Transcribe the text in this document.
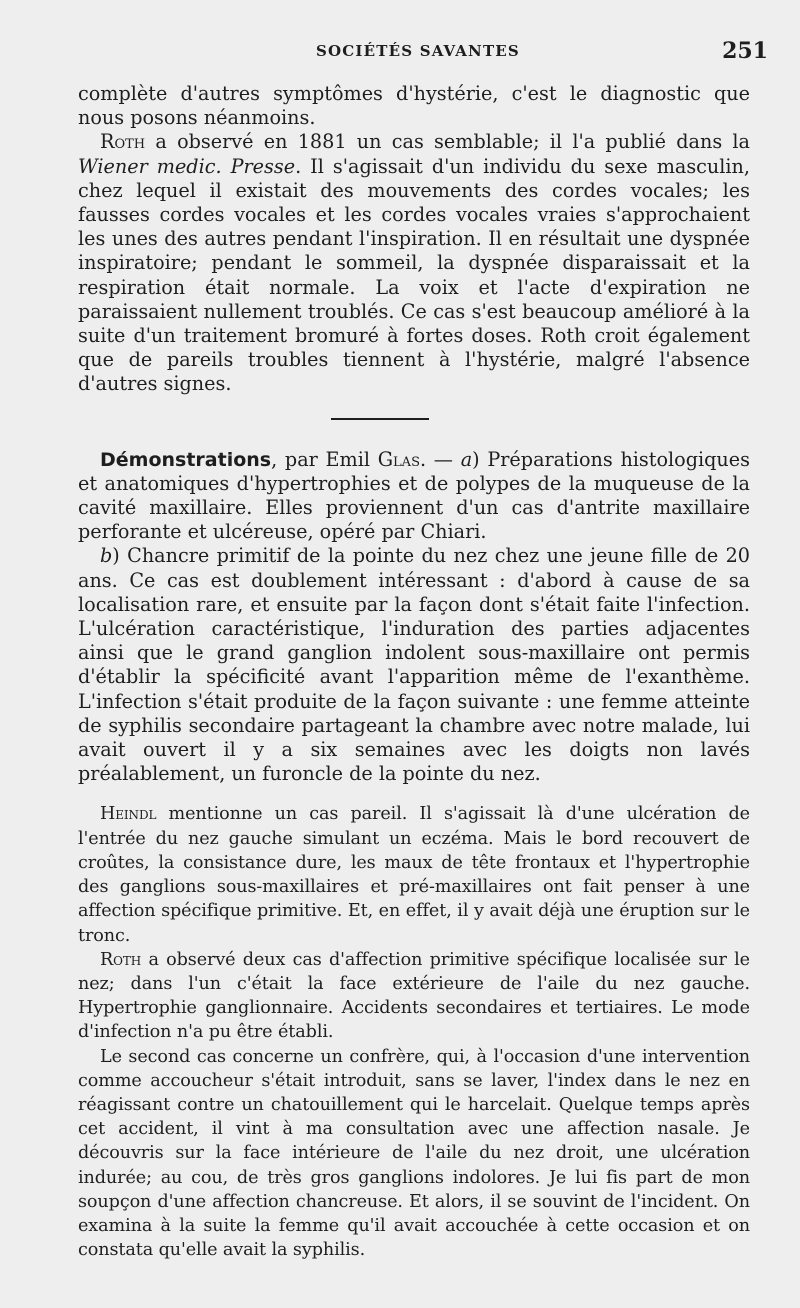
SOCIÉTÉS SAVANTES	251

complète d'autres symptômes d'hystérie, c'est le diagnostic que nous posons néanmoins.

Roth a observé en 1881 un cas semblable; il l'a publié dans la Wiener medic. Presse. Il s'agissait d'un individu du sexe masculin, chez lequel il existait des mouvements des cordes vocales; les fausses cordes vocales et les cordes vocales vraies s'approchaient les unes des autres pendant l'inspiration. Il en résultait une dyspnée inspiratoire; pendant le sommeil, la dyspnée disparaissait et la respiration était normale. La voix et l'acte d'expiration ne paraissaient nullement troublés. Ce cas s'est beaucoup amélioré à la suite d'un traitement bromuré à fortes doses. Roth croit également que de pareils troubles tiennent à l'hystérie, malgré l'absence d'autres signes.

Démonstrations, par Emil Glas. — a) Préparations histologiques et anatomiques d'hypertrophies et de polypes de la muqueuse de la cavité maxillaire. Elles proviennent d'un cas d'antrite maxillaire perforante et ulcéreuse, opéré par Chiari.

b) Chancre primitif de la pointe du nez chez une jeune fille de 20 ans. Ce cas est doublement intéressant : d'abord à cause de sa localisation rare, et ensuite par la façon dont s'était faite l'infection. L'ulcération caractéristique, l'induration des parties adjacentes ainsi que le grand ganglion indolent sous-maxillaire ont permis d'établir la spécificité avant l'apparition même de l'exanthème. L'infection s'était produite de la façon suivante : une femme atteinte de syphilis secondaire partageant la chambre avec notre malade, lui avait ouvert il y a six semaines avec les doigts non lavés préalablement, un furoncle de la pointe du nez.

Heindl mentionne un cas pareil. Il s'agissait là d'une ulcération de l'entrée du nez gauche simulant un eczéma. Mais le bord recouvert de croûtes, la consistance dure, les maux de tête frontaux et l'hypertrophie des ganglions sous-maxillaires et pré-maxillaires ont fait penser à une affection spécifique primitive. Et, en effet, il y avait déjà une éruption sur le tronc.

Roth a observé deux cas d'affection primitive spécifique localisée sur le nez; dans l'un c'était la face extérieure de l'aile du nez gauche. Hypertrophie ganglionnaire. Accidents secondaires et tertiaires. Le mode d'infection n'a pu être établi.

Le second cas concerne un confrère, qui, à l'occasion d'une intervention comme accoucheur s'était introduit, sans se laver, l'index dans le nez en réagissant contre un chatouillement qui le harcelait. Quelque temps après cet accident, il vint à ma consultation avec une affection nasale. Je découvris sur la face intérieure de l'aile du nez droit, une ulcération indurée; au cou, de très gros ganglions indolores. Je lui fis part de mon soupçon d'une affection chancreuse. Et alors, il se souvint de l'incident. On examina à la suite la femme qu'il avait accouchée à cette occasion et on constata qu'elle avait la syphilis.
